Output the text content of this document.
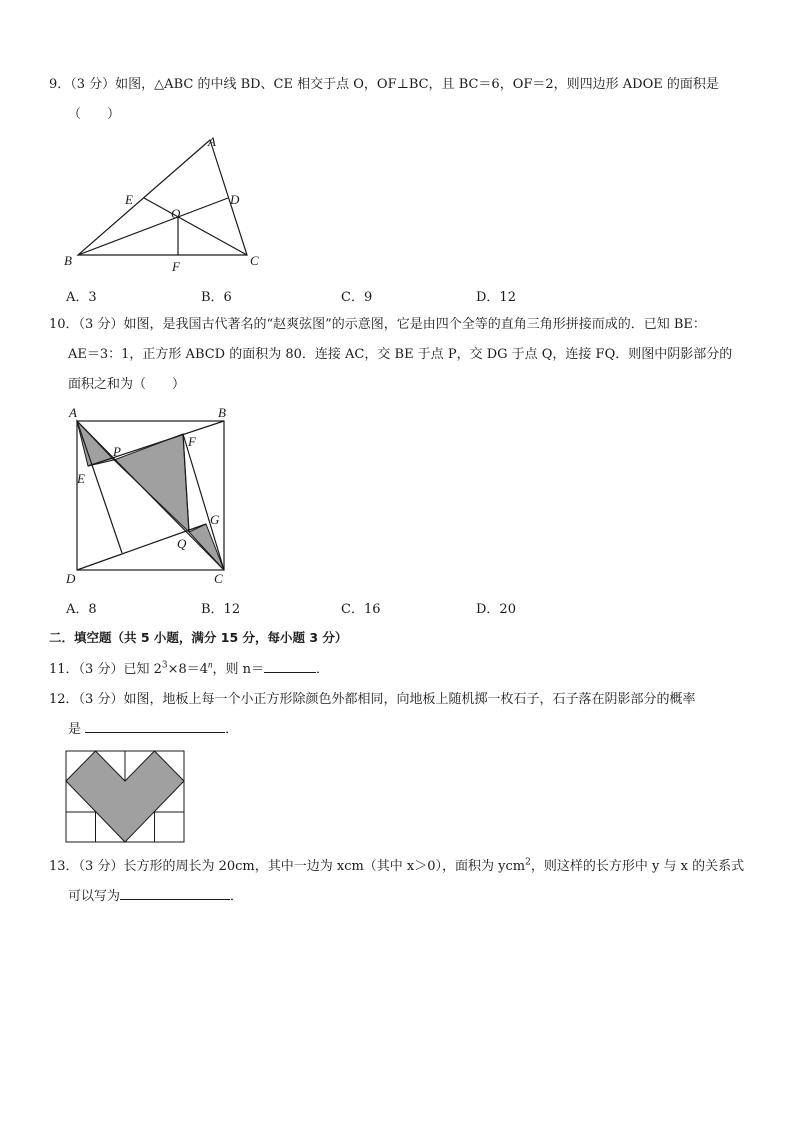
9．（3 分）如图，△ABC 的中线 BD、CE 相交于点 O，OF⊥BC，且 BC＝6，OF＝2，则四边形 ADOE 的面积是
（　　）
A
B	C
D
E
O
F
A．3	B．6	C．9	D．12
10．（3 分）如图，是我国古代著名的“赵爽弦图”的示意图，它是由四个全等的直角三角形拼接而成的．已知 BE：
AE＝3：1，正方形 ABCD 的面积为 80．连接 AC，交 BE 于点 P，交 DG 于点 Q，连接 FQ．则图中阴影部分的
面积之和为（　　）
A	B
D	C
E
P
F
G
Q
A．8	B．12	C．16	D．20
二．填空题（共 5 小题，满分 15 分，每小题 3 分）
11．（3 分）已知 $2^3\times 8=4^n$，则 n＝	．
12．（3 分）如图，地板上每一个小正方形除颜色外都相同，向地板上随机掷一枚石子，石子落在阴影部分的概率
是	．
13．（3 分）长方形的周长为 20cm，其中一边为 xcm（其中 x＞0），面积为 ycm$^2$，则这样的长方形中 y 与 x 的关系式
可以写为	．
